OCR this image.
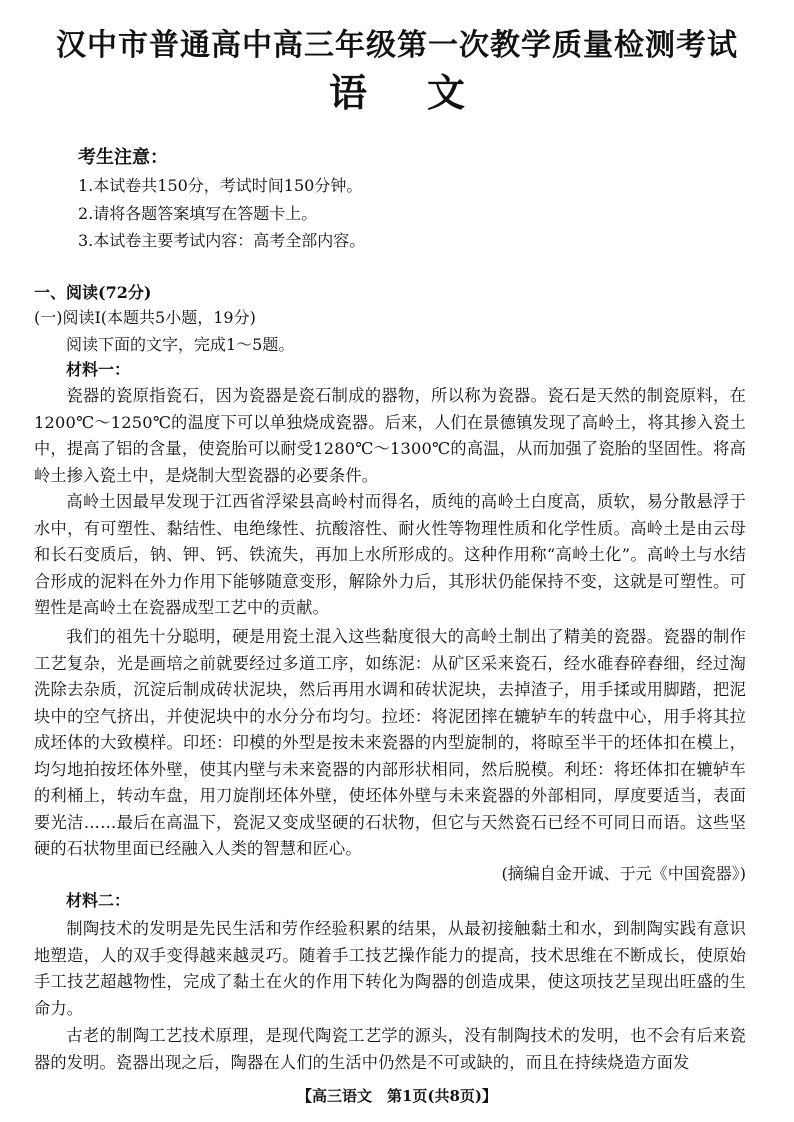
汉中市普通高中高三年级第一次教学质量检测考试
语文
考生注意：
1.本试卷共150分，考试时间150分钟。
2.请将各题答案填写在答题卡上。
3.本试卷主要考试内容：高考全部内容。
一、阅读(72分)
(一)阅读Ⅰ(本题共5小题，19分)
阅读下面的文字，完成1～5题。
材料一：
瓷器的瓷原指瓷石，因为瓷器是瓷石制成的器物，所以称为瓷器。瓷石是天然的制瓷原料，在1200℃～1250℃的温度下可以单独烧成瓷器。后来，人们在景德镇发现了高岭土，将其掺入瓷土中，提高了铝的含量，使瓷胎可以耐受1280℃～1300℃的高温，从而加强了瓷胎的坚固性。将高岭土掺入瓷土中，是烧制大型瓷器的必要条件。
高岭土因最早发现于江西省浮梁县高岭村而得名，质纯的高岭土白度高，质软，易分散悬浮于水中，有可塑性、黏结性、电绝缘性、抗酸溶性、耐火性等物理性质和化学性质。高岭土是由云母和长石变质后，钠、钾、钙、铁流失，再加上水所形成的。这种作用称“高岭土化”。高岭土与水结合形成的泥料在外力作用下能够随意变形，解除外力后，其形状仍能保持不变，这就是可塑性。可塑性是高岭土在瓷器成型工艺中的贡献。
我们的祖先十分聪明，硬是用瓷土混入这些黏度很大的高岭土制出了精美的瓷器。瓷器的制作工艺复杂，光是画培之前就要经过多道工序，如练泥：从矿区采来瓷石，经水碓舂碎舂细，经过淘洗除去杂质，沉淀后制成砖状泥块，然后再用水调和砖状泥块，去掉渣子，用手揉或用脚踏，把泥块中的空气挤出，并使泥块中的水分分布均匀。拉坯：将泥团摔在辘轳车的转盘中心，用手将其拉成坯体的大致模样。印坯：印模的外型是按未来瓷器的内型旋制的，将晾至半干的坯体扣在模上，均匀地拍按坯体外壁，使其内壁与未来瓷器的内部形状相同，然后脱模。利坯：将坯体扣在辘轳车的利桶上，转动车盘，用刀旋削坯体外壁，使坯体外壁与未来瓷器的外部相同，厚度要适当，表面要光洁……最后在高温下，瓷泥又变成坚硬的石状物，但它与天然瓷石已经不可同日而语。这些坚硬的石状物里面已经融入人类的智慧和匠心。
(摘编自金开诚、于元《中国瓷器》)
材料二：
制陶技术的发明是先民生活和劳作经验积累的结果，从最初接触黏土和水，到制陶实践有意识地塑造，人的双手变得越来越灵巧。随着手工技艺操作能力的提高，技术思维在不断成长，使原始手工技艺超越物性，完成了黏土在火的作用下转化为陶器的创造成果，使这项技艺呈现出旺盛的生命力。
古老的制陶工艺技术原理，是现代陶瓷工艺学的源头，没有制陶技术的发明，也不会有后来瓷器的发明。瓷器出现之后，陶器在人们的生活中仍然是不可或缺的，而且在持续烧造方面发
【高三语文　第1页(共8页)】
